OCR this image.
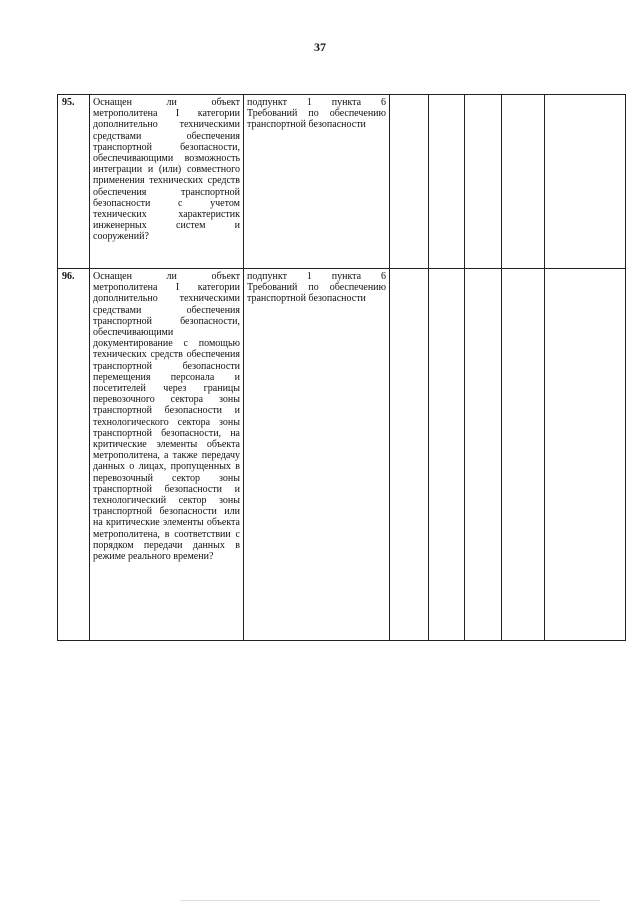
37
95.	Оснащен ли объект метрополитена I категории дополнительно техническими средствами обеспечения транспортной безопасности, обеспечивающими возможность интеграции и (или) совместного применения технических средств обеспечения транспортной безопасности с учетом технических характеристик инженерных систем и сооружений?	подпункт 1 пункта 6 Требований по обеспечению транспортной безопасности					
96.	Оснащен ли объект метрополитена I категории дополнительно техническими средствами обеспечения транспортной безопасности, обеспечивающими документирование с помощью технических средств обеспечения транспортной безопасности перемещения персонала и посетителей через границы перевозочного сектора зоны транспортной безопасности и технологического сектора зоны транспортной безопасности, на критические элементы объекта метрополитена, а также передачу данных о лицах, пропущенных в перевозочный сектор зоны транспортной безопасности и технологический сектор зоны транспортной безопасности или на критические элементы объекта метрополитена, в соответствии с порядком передачи данных в режиме реального времени?	подпункт 1 пункта 6 Требований по обеспечению транспортной безопасности					
